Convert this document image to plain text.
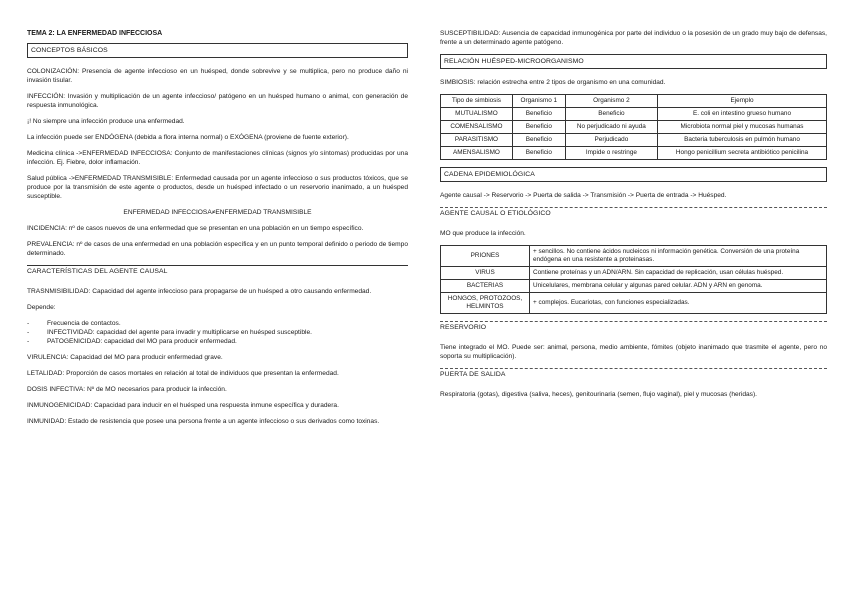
TEMA 2: LA ENFERMEDAD INFECCIOSA
CONCEPTOS BÁSICOS

COLONIZACIÓN: Presencia de agente infeccioso en un huésped, donde sobrevive y se multiplica, pero no produce daño ni invasión tisular.

INFECCIÓN: Invasión y multiplicación de un agente infeccioso/ patógeno en un huésped humano o animal, con generación de respuesta inmunológica.

¡! No siempre una infección produce una enfermedad.

La infección puede ser ENDÓGENA (debida a flora interna normal) o EXÓGENA (proviene de fuente exterior).

Medicina clínica ->ENFERMEDAD INFECCIOSA: Conjunto de manifestaciones clínicas (signos y/o síntomas) producidas por una infección. Ej. Fiebre, dolor inflamación.

Salud pública ->ENFERMEDAD TRANSMISIBLE: Enfermedad causada por un agente infeccioso o sus productos tóxicos, que se produce por la transmisión de este agente o productos, desde un huésped infectado o un reservorio inanimado, a un huésped susceptible.

ENFERMEDAD INFECCIOSA≠ENFERMEDAD TRANSMISIBLE

INCIDENCIA: nº de casos nuevos de una enfermedad que se presentan en una población en un tiempo específico.

PREVALENCIA: nº de casos de una enfermedad en una población específica y en un punto temporal definido o periodo de tiempo determinado.

CARACTERÍSTICAS DEL AGENTE CAUSAL

TRASNMISIBILIDAD: Capacidad del agente infeccioso para propagarse de un huésped a otro causando enfermedad.

Depende:

- Frecuencia de contactos.
- INFECTIVIDAD: capacidad del agente para invadir y multiplicarse en huésped susceptible.
- PATOGENICIDAD: capacidad del MO para producir enfermedad.

VIRULENCIA: Capacidad del MO para producir enfermedad grave.

LETALIDAD: Proporción de casos mortales en relación al total de individuos que presentan la enfermedad.

DOSIS INFECTIVA: Nº de MO necesarios para producir la infección.

INMUNOGENICIDAD: Capacidad para inducir en el huésped una respuesta inmune específica y duradera.

INMUNIDAD: Estado de resistencia que posee una persona frente a un agente infeccioso o sus derivados como toxinas.

SUSCEPTIBILIDAD: Ausencia de capacidad inmunogénica por parte del individuo o la posesión de un grado muy bajo de defensas, frente a un determinado agente patógeno.

RELACIÓN HUÉSPED-MICROORGANISMO

SIMBIOSIS: relación estrecha entre 2 tipos de organismo en una comunidad.

Tipo de simbiosis	Organismo 1	Organismo 2	Ejemplo
MUTUALISMO	Beneficio	Beneficio	E. coli en intestino grueso humano
COMENSALISMO	Beneficio	No perjudicado ni ayuda	Microbiota normal piel y mucosas humanas
PARASITISMO	Beneficio	Perjudicado	Bacteria tuberculosis en pulmón humano
AMENSALISMO	Beneficio	Impide o restringe	Hongo penicillium secreta antibiótico penicilina
CADENA EPIDEMIOLÓGICA

Agente causal -> Reservorio -> Puerta de salida -> Transmisión -> Puerta de entrada -> Huésped.

AGENTE CAUSAL O ETIOLÓGICO

MO que produce la infección.

PRIONES	+ sencillos. No contiene ácidos nucleicos ni información genética. Conversión de una proteína endógena en una resistente a proteinasas.
VIRUS	Contiene proteínas y un ADN/ARN. Sin capacidad de replicación, usan células huésped.
BACTERIAS	Unicelulares, membrana celular y algunas pared celular. ADN y ARN en genoma.
HONGOS, PROTOZOOS, HELMINTOS	+ complejos. Eucariotas, con funciones especializadas.
RESERVORIO

Tiene integrado el MO. Puede ser: animal, persona, medio ambiente, fómites (objeto inanimado que trasmite el agente, pero no soporta su multiplicación).

PUERTA DE SALIDA

Respiratoria (gotas), digestiva (saliva, heces), genitourinaria (semen, flujo vaginal), piel y mucosas (heridas).
